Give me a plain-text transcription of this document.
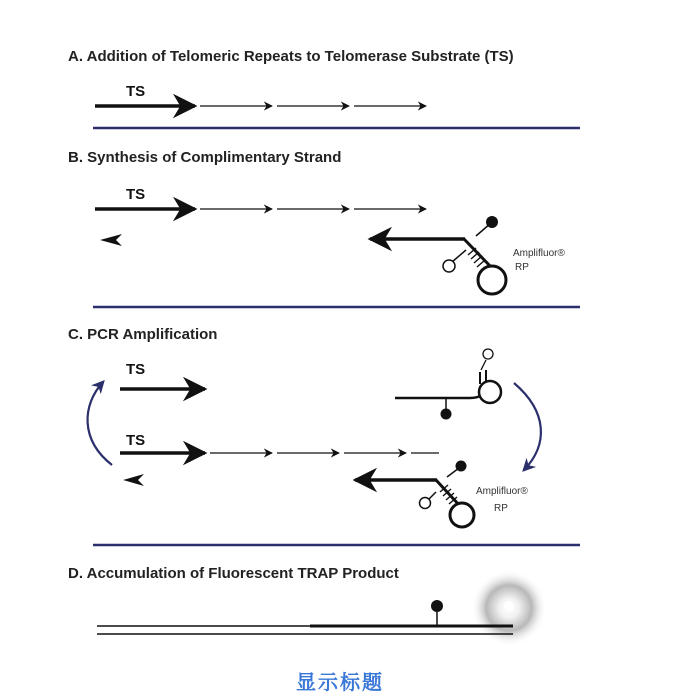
A. Addition of Telomeric Repeats to Telomerase Substrate (TS)
TS
B. Synthesis of Complimentary Strand
TS
Amplifluor®
RP
C. PCR Amplification
TS
TS
Amplifluor®
RP
D. Accumulation of Fluorescent TRAP Product
显示标题
